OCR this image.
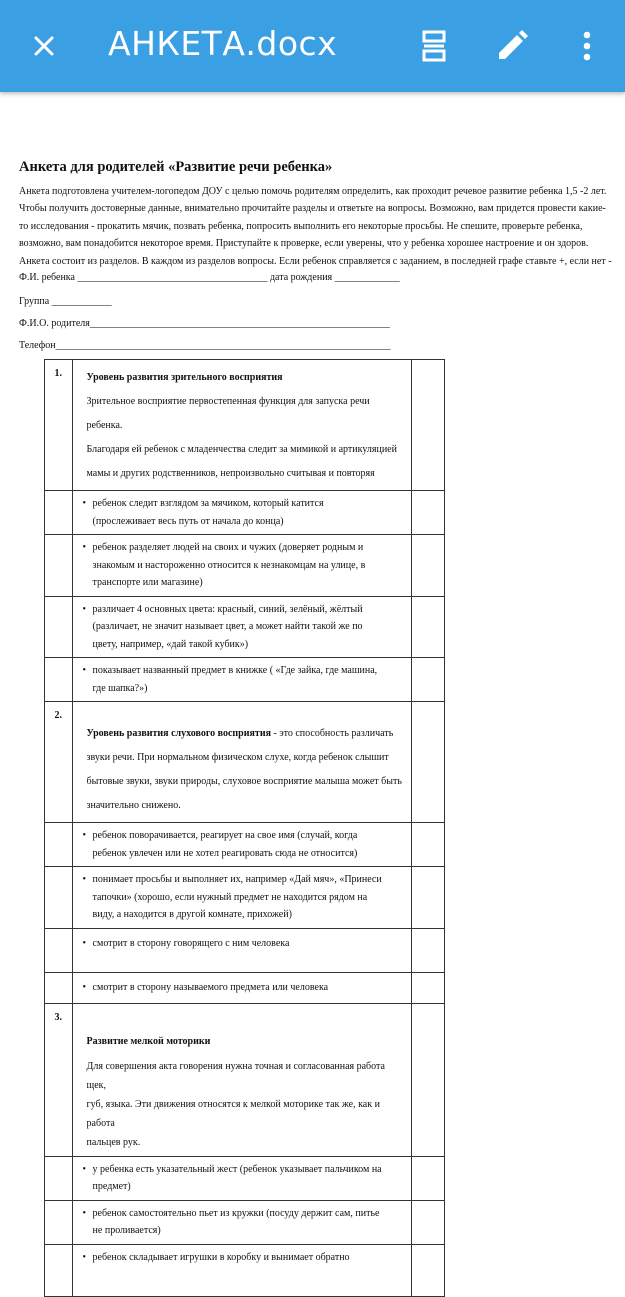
АНКЕТА.docx
Анкета для родителей «Развитие речи ребенка»
Анкета подготовлена учителем-логопедом ДОУ с целью помочь родителям определить, как проходит речевое развитие ребенка 1,5 -2 лет.
Чтобы получить достоверные данные, внимательно прочитайте разделы и ответьте на вопросы. Возможно, вам придется провести какие-
то исследования - прокатить мячик, позвать ребенка, попросить выполнить его некоторые просьбы. Не спешите, проверьте ребенка,
возможно, вам понадобится некоторое время. Приступайте к проверке, если уверены, что у ребенка хорошее настроение и он здоров.
Анкета состоит из разделов. В каждом из разделов вопросы. Если ребенок справляется с заданием, в последней графе ставьте +, если нет -
Ф.И. ребенка ______________________________________ дата рождения _____________
Группа ____________
Ф.И.О. родителя____________________________________________________________
Телефон___________________________________________________________________
1.	Уровень развития зрительного восприятия
Зрительное восприятие первостепенная функция для запуска речи ребенка.
Благодаря ей ребенок с младенчества следит за мимикой и артикуляцией
мамы и других родственников, непроизвольно считывая и повторяя	

	• ребенок следит взглядом за мячиком, который катится
(прослеживает весь путь от начала до конца)	

	• ребенок разделяет людей на своих и чужих (доверяет родным и
знакомым и настороженно относится к незнакомцам на улице, в
транспорте или магазине)	

	• различает 4 основных цвета: красный, синий, зелёный, жёлтый
(различает, не значит называет цвет, а может найти такой же по
цвету, например, «дай такой кубик»)	

	• показывает названный предмет в книжке ( «Где зайка, где машина,
где шапка?»)	

2.	Уровень развития слухового восприятия - это способность различать
звуки речи. При нормальном физическом слухе, когда ребенок слышит
бытовые звуки, звуки природы, слуховое восприятие малыша может быть
значительно снижено.	

	• ребенок поворачивается, реагирует на свое имя (случай, когда
ребенок увлечен или не хотел реагировать сюда не относится)	

	• понимает просьбы и выполняет их, например «Дай мяч», «Принеси
тапочки» (хорошо, если нужный предмет не находится рядом на
виду, а находится в другой комнате, прихожей)	

	• смотрит в сторону говорящего с ним человека	

	• смотрит в сторону называемого предмета или человека	

3.	Развитие мелкой моторики
Для совершения акта говорения нужна точная и согласованная работа щек,
губ, языка. Эти движения относятся к мелкой моторике так же, как и работа
пальцев рук.	

	• у ребенка есть указательный жест (ребенок указывает пальчиком на
предмет)	

	• ребенок самостоятельно пьет из кружки (посуду держит сам, питье
не проливается)	

	• ребенок складывает игрушки в коробку и вынимает обратно	
